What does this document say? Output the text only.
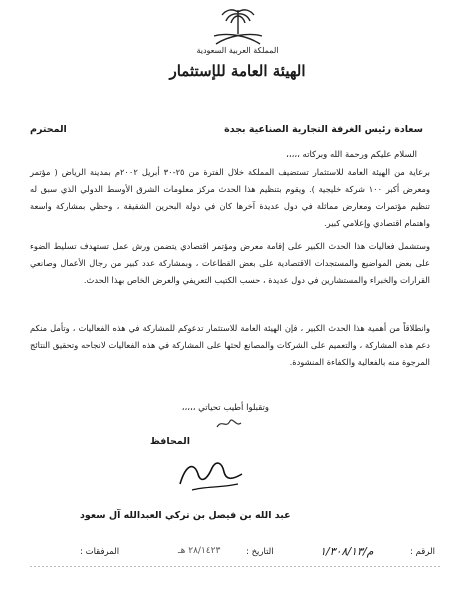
المملكة العربية السعودية
الهيئة العامة للإستثمار
سعادة رئيس الغرفة التجارية الصناعية بجدة
المحترم
السلام عليكم ورحمة الله وبركاته ،،،،،
برعاية من الهيئة العامة للاستثمار تستضيف المملكة خلال الفترة من ٢٥-٣٠ أبريل ٢٠٠٢م بمدينة الرياض ( مؤتمر ومعرض أكبر ١٠٠ شركة خليجية ). ويقوم بتنظيم هذا الحدث مركز معلومات الشرق الأوسط الدولي الذي سبق له تنظيم مؤتمرات ومعارض مماثلة في دول عديدة آخرها كان في دولة البحرين الشقيقة ، وحظي بمشاركة واسعة واهتمام اقتصادي وإعلامي كبير.
وستشمل فعاليات هذا الحدث الكبير على إقامة معرض ومؤتمر اقتصادي يتضمن ورش عمل تستهدف تسليط الضوء على بعض المواضيع والمستجدات الاقتصادية على بعض القطاعات ، وبمشاركة عدد كبير من رجال الأعمال وصانعي القرارات والخبراء والمستشارين في دول عديدة ، حسب الكتيب التعريفي والعرض الخاص بهذا الحدث.
وانطلاقاً من أهمية هذا الحدث الكبير ، فإن الهيئة العامة للاستثمار تدعوكم للمشاركة في هذه الفعاليات ، وتأمل منكم دعم هذه المشاركة ، والتعميم على الشركات والمصانع لحثها على المشاركة في هذه الفعاليات لانجاحه وتحقيق النتائج المرجوة منه بالفعالية والكفاءة المنشودة.
وتقبلوا أطيب تحياتي ،،،،،
المحافظ
عبد الله بن فيصل بن تركي العبدالله آل سعود
الرقم :
م/١/٣٠٨/١٣
التاريخ :
٢٨/١٤٢٣ هـ
المرفقات :
